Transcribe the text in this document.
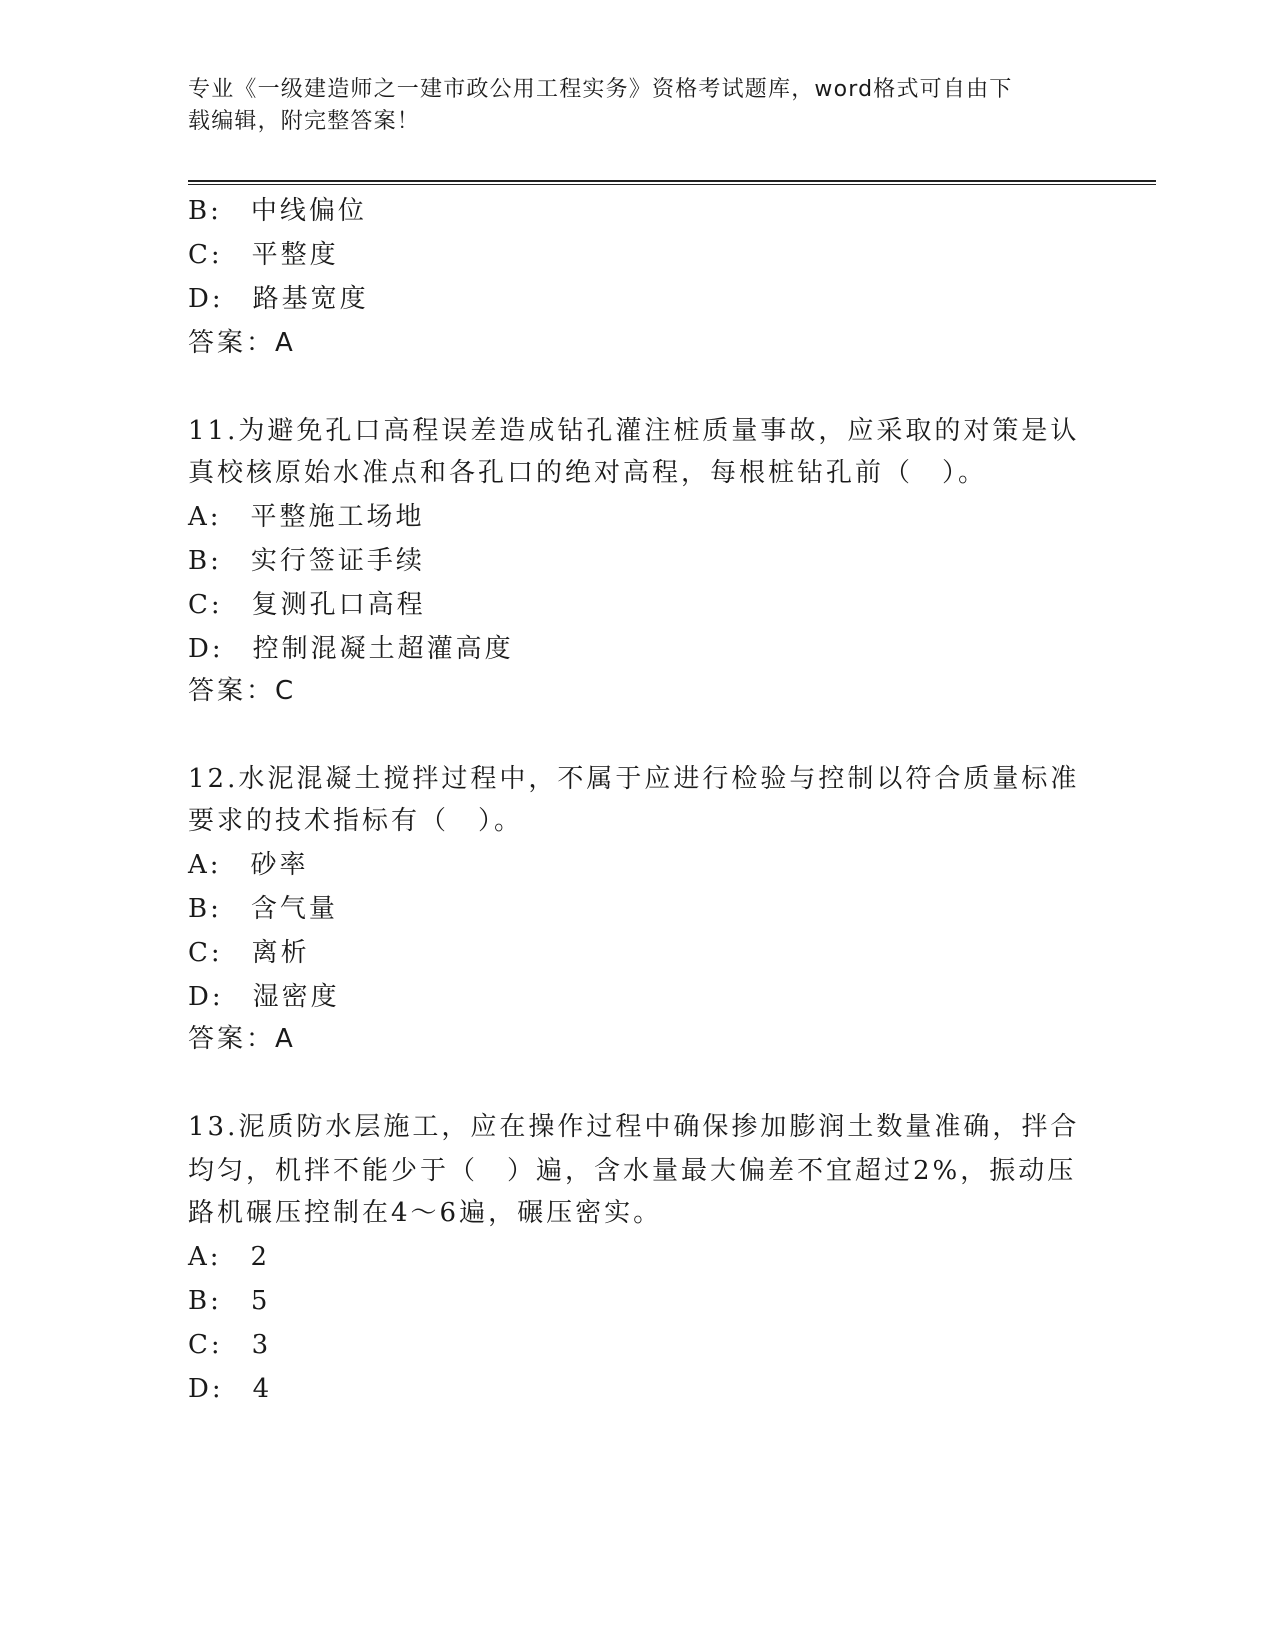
专业《一级建造师之一建市政公用工程实务》资格考试题库，word格式可自由下
载编辑，附完整答案！
B:　中线偏位
C:　平整度
D:　路基宽度
答案：A
11.为避免孔口高程误差造成钻孔灌注桩质量事故，应采取的对策是认
真校核原始水准点和各孔口的绝对高程，每根桩钻孔前（　）。
A:　平整施工场地
B:　实行签证手续
C:　复测孔口高程
D:　控制混凝土超灌高度
答案：C
12.水泥混凝土搅拌过程中，不属于应进行检验与控制以符合质量标准
要求的技术指标有（　）。
A:　砂率
B:　含气量
C:　离析
D:　湿密度
答案：A
13.泥质防水层施工，应在操作过程中确保掺加膨润土数量准确，拌合
均匀，机拌不能少于（　）遍，含水量最大偏差不宜超过2%，振动压
路机碾压控制在4～6遍，碾压密实。
A:　2
B:　5
C:　3
D:　4
